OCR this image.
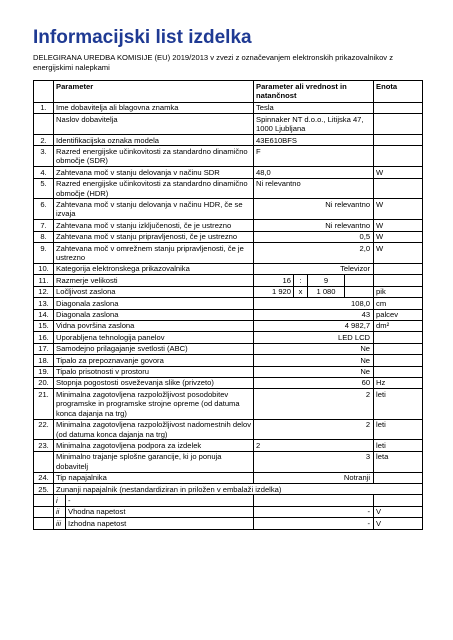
Informacijski list izdelka
DELEGIRANA UREDBA KOMISIJE (EU) 2019/2013 v zvezi z označevanjem elektronskih prikazovalnikov z energijskimi nalepkami
	Parameter		Parameter ali vrednost in natančnost				Enota
1.	Ime dobavitelja ali blagovna znamka		Tesla				
	Naslov dobavitelja		Spinnaker NT d.o.o., Litijska 47, 1000 Ljubljana				
2.	Identifikacijska oznaka modela		43E610BFS				
3.	Razred energijske učinkovitosti za standardno dinamično območje (SDR)		F				
4.	Zahtevana moč v stanju delovanja v načinu SDR		48,0				W
5.	Razred energijske učinkovitosti za standardno dinamično območje (HDR)		Ni relevantno				
6.	Zahtevana moč v stanju delovanja v načinu HDR, če se izvaja		Ni relevantno				W
7.	Zahtevana moč v stanju izključenosti, če je ustrezno		Ni relevantno				W
8.	Zahtevana moč v stanju pripravljenosti, če je ustrezno		0,5				W
9.	Zahtevana moč v omrežnem stanju pripravljenosti, če je ustrezno		2,0				W
10.	Kategorija elektronskega prikazovalnika		Televizor				
11.	Razmerje velikosti		16	:	9		
12.	Ločljivost zaslona		1 920	x	1 080		pik
13.	Diagonala zaslona		108,0				cm
14.	Diagonala zaslona		43				palcev
15.	Vidna površina zaslona		4 982,7				dm²
16.	Uporabljena tehnologija panelov		LED LCD				
17.	Samodejno prilagajanje svetlosti (ABC)		Ne				
18.	Tipalo za prepoznavanje govora		Ne				
19.	Tipalo prisotnosti v prostoru		Ne				
20.	Stopnja pogostosti osveževanja slike (privzeto)		60				Hz
21.	Minimalna zagotovljena razpoložljivost posodobitev programske in programske strojne opreme (od datuma konca dajanja na trg)		2				leti
22.	Minimalna zagotovljena razpoložljivost nadomestnih delov (od datuma konca dajanja na trg)		2				leti
23.	Minimalna zagotovljena podpora za izdelek		2				leti
	Minimalno trajanje splošne garancije, ki jo ponuja dobavitelj		3				leta
24.	Tip napajalnika		Notranji				
25.	Zunanji napajalnik (nestandardiziran in priložen v embalaži izdelka)						
	i	-					
	ii	Vhodna napetost	-				V
	iii	Izhodna napetost	-				V
